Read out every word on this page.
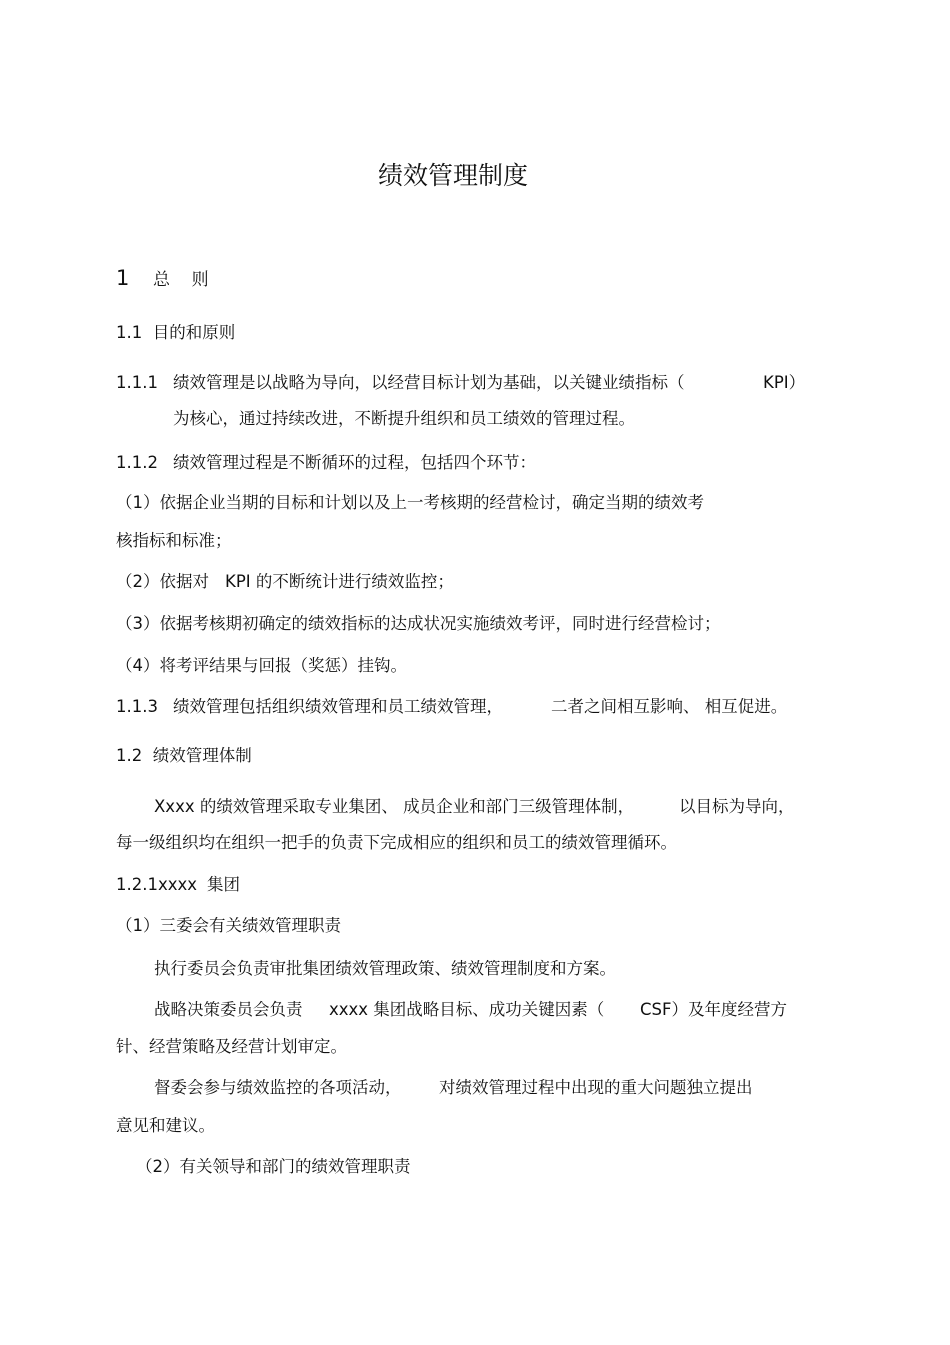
绩效管理制度
1 总    则
1.1  目的和原则
1.1.1 绩效管理是以战略为导向，以经营目标计划为基础，以关键业绩指标（	KPI）
为核心，通过持续改进，不断提升组织和员工绩效的管理过程。
1.1.2 绩效管理过程是不断循环的过程，包括四个环节：
（1）依据企业当期的目标和计划以及上一考核期的经营检讨，确定当期的绩效考
核指标和标准；
（2）依据对 KPI 的不断统计进行绩效监控；
（3）依据考核期初确定的绩效指标的达成状况实施绩效考评，同时进行经营检讨；
（4）将考评结果与回报（奖惩）挂钩。
1.1.3 绩效管理包括组织绩效管理和员工绩效管理，	二者之间相互影响、 相互促进。
1.2  绩效管理体制
Xxxx 的绩效管理采取专业集团、 成员企业和部门三级管理体制，	以目标为导向，
每一级组织均在组织一把手的负责下完成相应的组织和员工的绩效管理循环。
1.2.1xxxx 集团
（1）三委会有关绩效管理职责
执行委员会负责审批集团绩效管理政策、绩效管理制度和方案。
战略决策委员会负责 xxxx 集团战略目标、成功关键因素（ CSF） 及年度经营方
针、经营策略及经营计划审定。
督委会参与绩效监控的各项活动， 对绩效管理过程中出现的重大问题独立提出
意见和建议。
（2）有关领导和部门的绩效管理职责
